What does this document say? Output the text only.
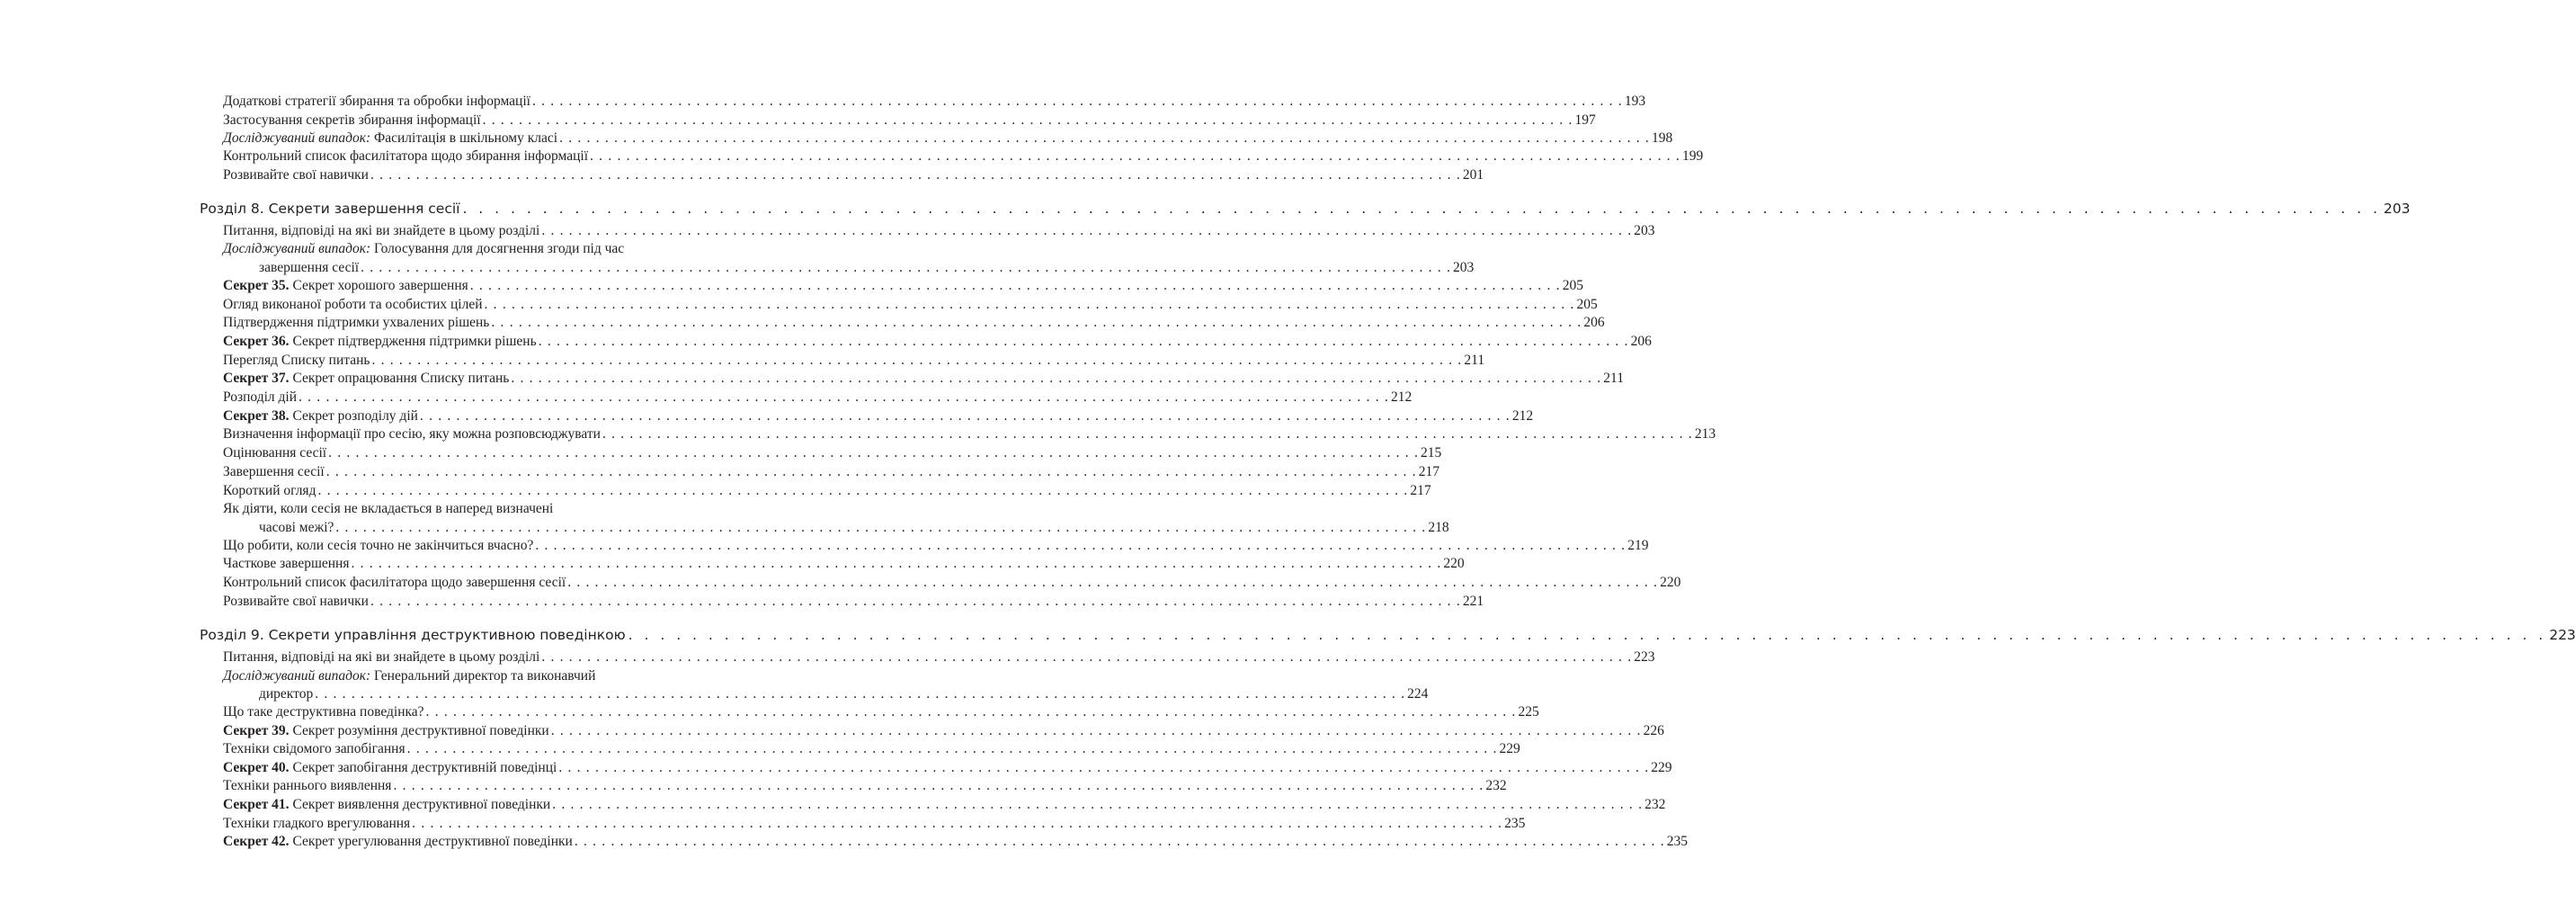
Додаткові стратегії збирання та обробки інформації . . . . . . . . . . . . . . . . . . . . . . . . . . . . . . . . . . . . . . . . . . . . . . . . . . . . . . . . . . . . . . . . . . . . . . . . . . . . . . . . . . . . . . . . . . . . . . . . . . . . . . . . . . . . . . . . . . . . . . . . 193
Застосування секретів збирання інформації . . . . . . . . . . . . . . . . . . . . . . . . . . . . . . . . . . . . . . . . . . . . . . . . . . . . . . . . . . . . . . . . . . . . . . . . . . . . . . . . . . . . . . . . . . . . . . . . . . . . . . . . . . . . . . . . . . . . . . . . 197
Досліджуваний випадок: Фасилітація в шкільному класі . . . . . . . . . . . . . . . . . . . . . . . . . . . . . . . . . . . . . . . . . . . . . . . . . . . . . . . . . . . . . . . . . . . . . . . . . . . . . . . . . . . . . . . . . . . . . . . . . . . . . . . . . . . . . . . . . . . . . . . . 198
Контрольний список фасилітатора щодо збирання інформації . . . . . . . . . . . . . . . . . . . . . . . . . . . . . . . . . . . . . . . . . . . . . . . . . . . . . . . . . . . . . . . . . . . . . . . . . . . . . . . . . . . . . . . . . . . . . . . . . . . . . . . . . . . . . . . . . . . . . . . . 199
Розвивайте свої навички . . . . . . . . . . . . . . . . . . . . . . . . . . . . . . . . . . . . . . . . . . . . . . . . . . . . . . . . . . . . . . . . . . . . . . . . . . . . . . . . . . . . . . . . . . . . . . . . . . . . . . . . . . . . . . . . . . . . . . . . 201
Розділ 8. Секрети завершення сесії . . . . . . . . . . . . . . . . . . . . . . . . . . . . . . . . . . . . . . . . . . . . . . . . . . . . . . . . . . . . . . . . . . . . . . . . . . . . . . . . . . . . . . . . . . . . . . . . . . . . . . . . . . . . . . . . . . . . . . . . 203
Питання, відповіді на які ви знайдете в цьому розділі . . . . . . . . . . . . . . . . . . . . . . . . . . . . . . . . . . . . . . . . . . . . . . . . . . . . . . . . . . . . . . . . . . . . . . . . . . . . . . . . . . . . . . . . . . . . . . . . . . . . . . . . . . . . . . . . . . . . . . . . 203
Досліджуваний випадок: Голосування для досягнення згоди під час
завершення сесії . . . . . . . . . . . . . . . . . . . . . . . . . . . . . . . . . . . . . . . . . . . . . . . . . . . . . . . . . . . . . . . . . . . . . . . . . . . . . . . . . . . . . . . . . . . . . . . . . . . . . . . . . . . . . . . . . . . . . . . . 203
Секрет 35. Секрет хорошого завершення . . . . . . . . . . . . . . . . . . . . . . . . . . . . . . . . . . . . . . . . . . . . . . . . . . . . . . . . . . . . . . . . . . . . . . . . . . . . . . . . . . . . . . . . . . . . . . . . . . . . . . . . . . . . . . . . . . . . . . . . 205
Огляд виконаної роботи та особистих цілей . . . . . . . . . . . . . . . . . . . . . . . . . . . . . . . . . . . . . . . . . . . . . . . . . . . . . . . . . . . . . . . . . . . . . . . . . . . . . . . . . . . . . . . . . . . . . . . . . . . . . . . . . . . . . . . . . . . . . . . . 205
Підтвердження підтримки ухвалених рішень . . . . . . . . . . . . . . . . . . . . . . . . . . . . . . . . . . . . . . . . . . . . . . . . . . . . . . . . . . . . . . . . . . . . . . . . . . . . . . . . . . . . . . . . . . . . . . . . . . . . . . . . . . . . . . . . . . . . . . . . 206
Секрет 36. Секрет підтвердження підтримки рішень . . . . . . . . . . . . . . . . . . . . . . . . . . . . . . . . . . . . . . . . . . . . . . . . . . . . . . . . . . . . . . . . . . . . . . . . . . . . . . . . . . . . . . . . . . . . . . . . . . . . . . . . . . . . . . . . . . . . . . . . 206
Перегляд Списку питань . . . . . . . . . . . . . . . . . . . . . . . . . . . . . . . . . . . . . . . . . . . . . . . . . . . . . . . . . . . . . . . . . . . . . . . . . . . . . . . . . . . . . . . . . . . . . . . . . . . . . . . . . . . . . . . . . . . . . . . . 211
Секрет 37. Секрет опрацювання Списку питань . . . . . . . . . . . . . . . . . . . . . . . . . . . . . . . . . . . . . . . . . . . . . . . . . . . . . . . . . . . . . . . . . . . . . . . . . . . . . . . . . . . . . . . . . . . . . . . . . . . . . . . . . . . . . . . . . . . . . . . . 211
Розподіл дій . . . . . . . . . . . . . . . . . . . . . . . . . . . . . . . . . . . . . . . . . . . . . . . . . . . . . . . . . . . . . . . . . . . . . . . . . . . . . . . . . . . . . . . . . . . . . . . . . . . . . . . . . . . . . . . . . . . . . . . . 212
Секрет 38. Секрет розподілу дій . . . . . . . . . . . . . . . . . . . . . . . . . . . . . . . . . . . . . . . . . . . . . . . . . . . . . . . . . . . . . . . . . . . . . . . . . . . . . . . . . . . . . . . . . . . . . . . . . . . . . . . . . . . . . . . . . . . . . . . . 212
Визначення інформації про сесію, яку можна розповсюджувати . . . . . . . . . . . . . . . . . . . . . . . . . . . . . . . . . . . . . . . . . . . . . . . . . . . . . . . . . . . . . . . . . . . . . . . . . . . . . . . . . . . . . . . . . . . . . . . . . . . . . . . . . . . . . . . . . . . . . . . . 213
Оцінювання сесії . . . . . . . . . . . . . . . . . . . . . . . . . . . . . . . . . . . . . . . . . . . . . . . . . . . . . . . . . . . . . . . . . . . . . . . . . . . . . . . . . . . . . . . . . . . . . . . . . . . . . . . . . . . . . . . . . . . . . . . . 215
Завершення сесії . . . . . . . . . . . . . . . . . . . . . . . . . . . . . . . . . . . . . . . . . . . . . . . . . . . . . . . . . . . . . . . . . . . . . . . . . . . . . . . . . . . . . . . . . . . . . . . . . . . . . . . . . . . . . . . . . . . . . . . . 217
Короткий огляд . . . . . . . . . . . . . . . . . . . . . . . . . . . . . . . . . . . . . . . . . . . . . . . . . . . . . . . . . . . . . . . . . . . . . . . . . . . . . . . . . . . . . . . . . . . . . . . . . . . . . . . . . . . . . . . . . . . . . . . . 217
Як діяти, коли сесія не вкладається в наперед визначені
часові межі? . . . . . . . . . . . . . . . . . . . . . . . . . . . . . . . . . . . . . . . . . . . . . . . . . . . . . . . . . . . . . . . . . . . . . . . . . . . . . . . . . . . . . . . . . . . . . . . . . . . . . . . . . . . . . . . . . . . . . . . . 218
Що робити, коли сесія точно не закінчиться вчасно? . . . . . . . . . . . . . . . . . . . . . . . . . . . . . . . . . . . . . . . . . . . . . . . . . . . . . . . . . . . . . . . . . . . . . . . . . . . . . . . . . . . . . . . . . . . . . . . . . . . . . . . . . . . . . . . . . . . . . . . . 219
Часткове завершення . . . . . . . . . . . . . . . . . . . . . . . . . . . . . . . . . . . . . . . . . . . . . . . . . . . . . . . . . . . . . . . . . . . . . . . . . . . . . . . . . . . . . . . . . . . . . . . . . . . . . . . . . . . . . . . . . . . . . . . . 220
Контрольний список фасилітатора щодо завершення сесії . . . . . . . . . . . . . . . . . . . . . . . . . . . . . . . . . . . . . . . . . . . . . . . . . . . . . . . . . . . . . . . . . . . . . . . . . . . . . . . . . . . . . . . . . . . . . . . . . . . . . . . . . . . . . . . . . . . . . . . . 220
Розвивайте свої навички . . . . . . . . . . . . . . . . . . . . . . . . . . . . . . . . . . . . . . . . . . . . . . . . . . . . . . . . . . . . . . . . . . . . . . . . . . . . . . . . . . . . . . . . . . . . . . . . . . . . . . . . . . . . . . . . . . . . . . . . 221
Розділ 9. Секрети управління деструктивною поведінкою . . . . . . . . . . . . . . . . . . . . . . . . . . . . . . . . . . . . . . . . . . . . . . . . . . . . . . . . . . . . . . . . . . . . . . . . . . . . . . . . . . . . . . . . . . . . . . . . . . . . . . . . . . . . . . . . . . . . . . . . 223
Питання, відповіді на які ви знайдете в цьому розділі . . . . . . . . . . . . . . . . . . . . . . . . . . . . . . . . . . . . . . . . . . . . . . . . . . . . . . . . . . . . . . . . . . . . . . . . . . . . . . . . . . . . . . . . . . . . . . . . . . . . . . . . . . . . . . . . . . . . . . . . 223
Досліджуваний випадок: Генеральний директор та виконавчий
директор . . . . . . . . . . . . . . . . . . . . . . . . . . . . . . . . . . . . . . . . . . . . . . . . . . . . . . . . . . . . . . . . . . . . . . . . . . . . . . . . . . . . . . . . . . . . . . . . . . . . . . . . . . . . . . . . . . . . . . . . 224
Що таке деструктивна поведінка? . . . . . . . . . . . . . . . . . . . . . . . . . . . . . . . . . . . . . . . . . . . . . . . . . . . . . . . . . . . . . . . . . . . . . . . . . . . . . . . . . . . . . . . . . . . . . . . . . . . . . . . . . . . . . . . . . . . . . . . . 225
Секрет 39. Секрет розуміння деструктивної поведінки . . . . . . . . . . . . . . . . . . . . . . . . . . . . . . . . . . . . . . . . . . . . . . . . . . . . . . . . . . . . . . . . . . . . . . . . . . . . . . . . . . . . . . . . . . . . . . . . . . . . . . . . . . . . . . . . . . . . . . . . 226
Техніки свідомого запобігання . . . . . . . . . . . . . . . . . . . . . . . . . . . . . . . . . . . . . . . . . . . . . . . . . . . . . . . . . . . . . . . . . . . . . . . . . . . . . . . . . . . . . . . . . . . . . . . . . . . . . . . . . . . . . . . . . . . . . . . . 229
Секрет 40. Секрет запобігання деструктивній поведінці . . . . . . . . . . . . . . . . . . . . . . . . . . . . . . . . . . . . . . . . . . . . . . . . . . . . . . . . . . . . . . . . . . . . . . . . . . . . . . . . . . . . . . . . . . . . . . . . . . . . . . . . . . . . . . . . . . . . . . . . 229
Техніки раннього виявлення . . . . . . . . . . . . . . . . . . . . . . . . . . . . . . . . . . . . . . . . . . . . . . . . . . . . . . . . . . . . . . . . . . . . . . . . . . . . . . . . . . . . . . . . . . . . . . . . . . . . . . . . . . . . . . . . . . . . . . . . 232
Секрет 41. Секрет виявлення деструктивної поведінки . . . . . . . . . . . . . . . . . . . . . . . . . . . . . . . . . . . . . . . . . . . . . . . . . . . . . . . . . . . . . . . . . . . . . . . . . . . . . . . . . . . . . . . . . . . . . . . . . . . . . . . . . . . . . . . . . . . . . . . . 232
Техніки гладкого врегулювання . . . . . . . . . . . . . . . . . . . . . . . . . . . . . . . . . . . . . . . . . . . . . . . . . . . . . . . . . . . . . . . . . . . . . . . . . . . . . . . . . . . . . . . . . . . . . . . . . . . . . . . . . . . . . . . . . . . . . . . . 235
Секрет 42. Секрет урегулювання деструктивної поведінки . . . . . . . . . . . . . . . . . . . . . . . . . . . . . . . . . . . . . . . . . . . . . . . . . . . . . . . . . . . . . . . . . . . . . . . . . . . . . . . . . . . . . . . . . . . . . . . . . . . . . . . . . . . . . . . . . . . . . . . . 235
